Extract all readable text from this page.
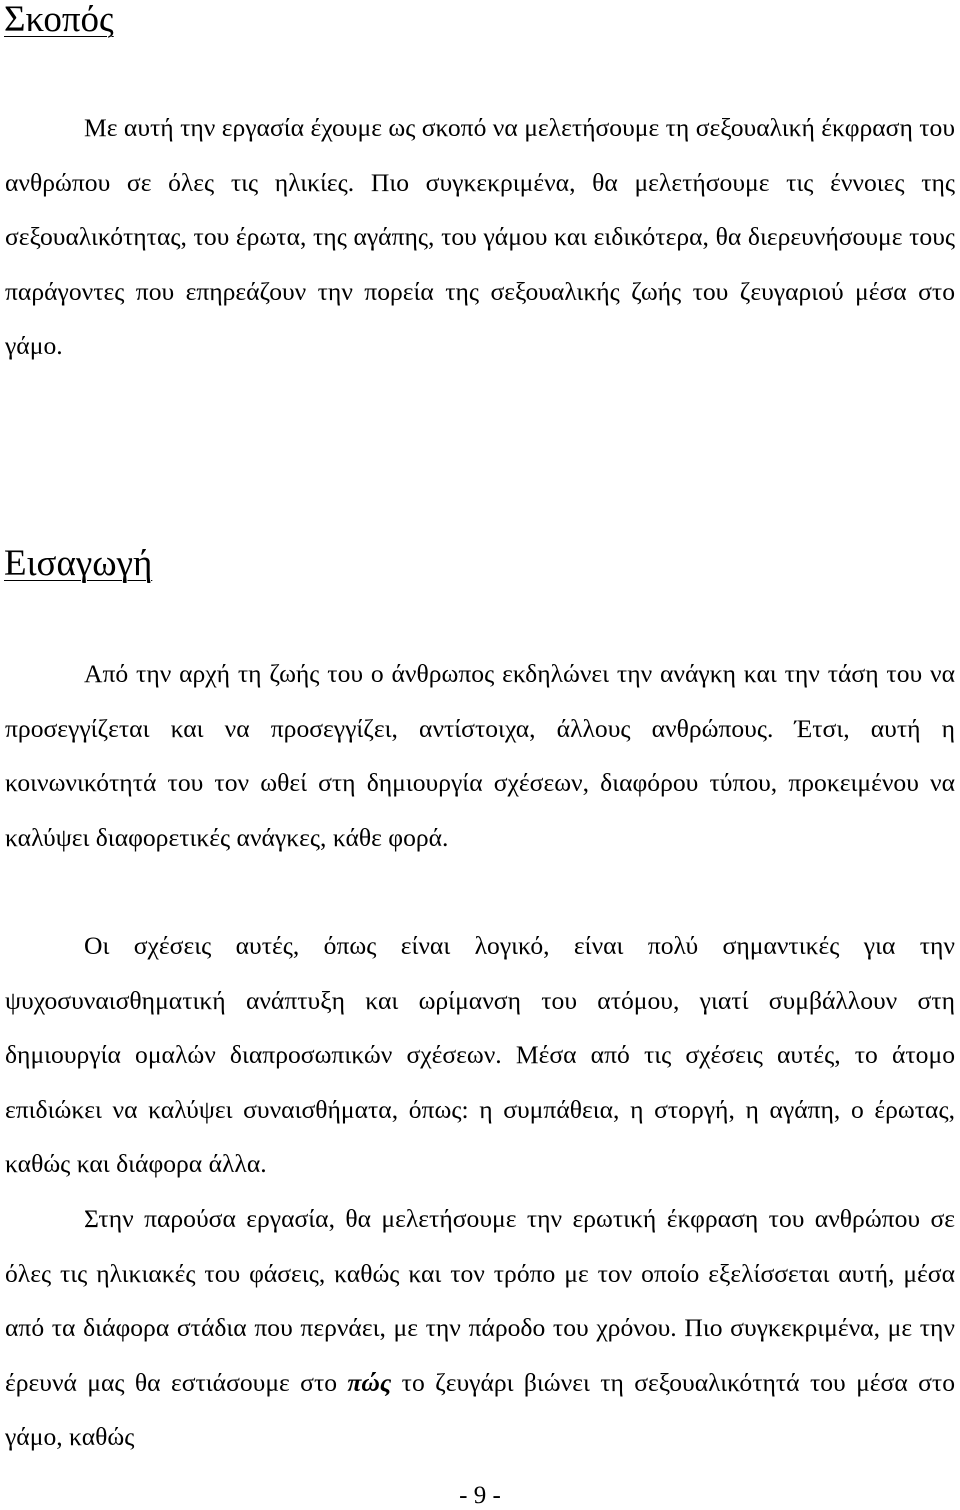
Σκοπός

Με αυτή την εργασία έχουμε ως σκοπό να μελετήσουμε τη σεξουαλική έκφραση του ανθρώπου σε όλες τις ηλικίες. Πιο συγκεκριμένα, θα μελετήσουμε τις έννοιες της σεξουαλικότητας, του έρωτα, της αγάπης, του γάμου και ειδικότερα, θα διερευνήσουμε τους παράγοντες που επηρεάζουν την πορεία της σεξουαλικής ζωής του ζευγαριού μέσα στο γάμο.

Εισαγωγή

Από την αρχή τη ζωής του ο άνθρωπος εκδηλώνει την ανάγκη και την τάση του να προσεγγίζεται και να προσεγγίζει, αντίστοιχα, άλλους ανθρώπους. Έτσι, αυτή η κοινωνικότητά του τον ωθεί στη δημιουργία σχέσεων, διαφόρου τύπου, προκειμένου να καλύψει διαφορετικές ανάγκες, κάθε φορά.

Οι σχέσεις αυτές, όπως είναι λογικό, είναι πολύ σημαντικές για την ψυχοσυναισθηματική ανάπτυξη και ωρίμανση του ατόμου, γιατί συμβάλλουν στη δημιουργία ομαλών διαπροσωπικών σχέσεων. Μέσα από τις σχέσεις αυτές, το άτομο επιδιώκει να καλύψει συναισθήματα, όπως: η συμπάθεια, η στοργή, η αγάπη, ο έρωτας, καθώς και διάφορα άλλα.

Στην παρούσα εργασία, θα μελετήσουμε την ερωτική έκφραση του ανθρώπου σε όλες τις ηλικιακές του φάσεις, καθώς και τον τρόπο με τον οποίο εξελίσσεται αυτή, μέσα από τα διάφορα στάδια που περνάει, με την πάροδο του χρόνου. Πιο συγκεκριμένα, με την έρευνά μας θα εστιάσουμε στο πώς το ζευγάρι βιώνει τη σεξουαλικότητά του μέσα στο γάμο, καθώς

- 9 -
